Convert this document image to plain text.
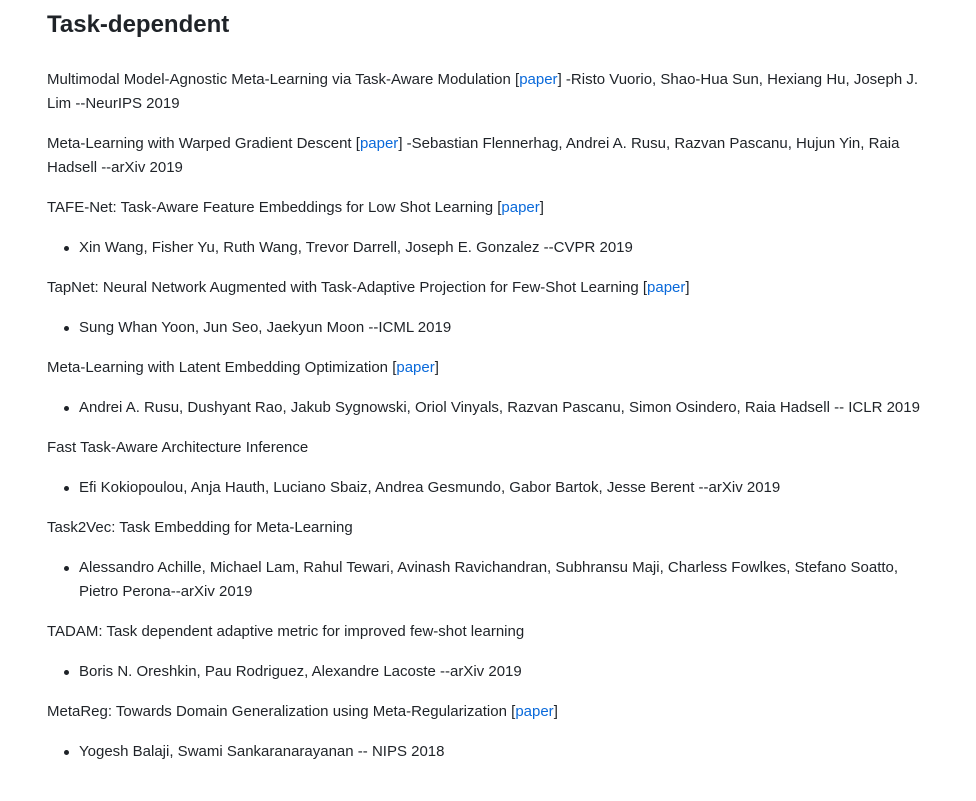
Task-dependent

Multimodal Model-Agnostic Meta-Learning via Task-Aware Modulation [paper] -Risto Vuorio, Shao-Hua Sun, Hexiang Hu, Joseph J. Lim --NeurIPS 2019

Meta-Learning with Warped Gradient Descent [paper] -Sebastian Flennerhag, Andrei A. Rusu, Razvan Pascanu, Hujun Yin, Raia Hadsell --arXiv 2019

TAFE-Net: Task-Aware Feature Embeddings for Low Shot Learning [paper]

Xin Wang, Fisher Yu, Ruth Wang, Trevor Darrell, Joseph E. Gonzalez --CVPR 2019

TapNet: Neural Network Augmented with Task-Adaptive Projection for Few-Shot Learning [paper]

Sung Whan Yoon, Jun Seo, Jaekyun Moon --ICML 2019

Meta-Learning with Latent Embedding Optimization [paper]

Andrei A. Rusu, Dushyant Rao, Jakub Sygnowski, Oriol Vinyals, Razvan Pascanu, Simon Osindero, Raia Hadsell -- ICLR 2019

Fast Task-Aware Architecture Inference

Efi Kokiopoulou, Anja Hauth, Luciano Sbaiz, Andrea Gesmundo, Gabor Bartok, Jesse Berent --arXiv 2019

Task2Vec: Task Embedding for Meta-Learning

Alessandro Achille, Michael Lam, Rahul Tewari, Avinash Ravichandran, Subhransu Maji, Charless Fowlkes, Stefano Soatto, Pietro Perona--arXiv 2019

TADAM: Task dependent adaptive metric for improved few-shot learning

Boris N. Oreshkin, Pau Rodriguez, Alexandre Lacoste --arXiv 2019

MetaReg: Towards Domain Generalization using Meta-Regularization [paper]

Yogesh Balaji, Swami Sankaranarayanan -- NIPS 2018
